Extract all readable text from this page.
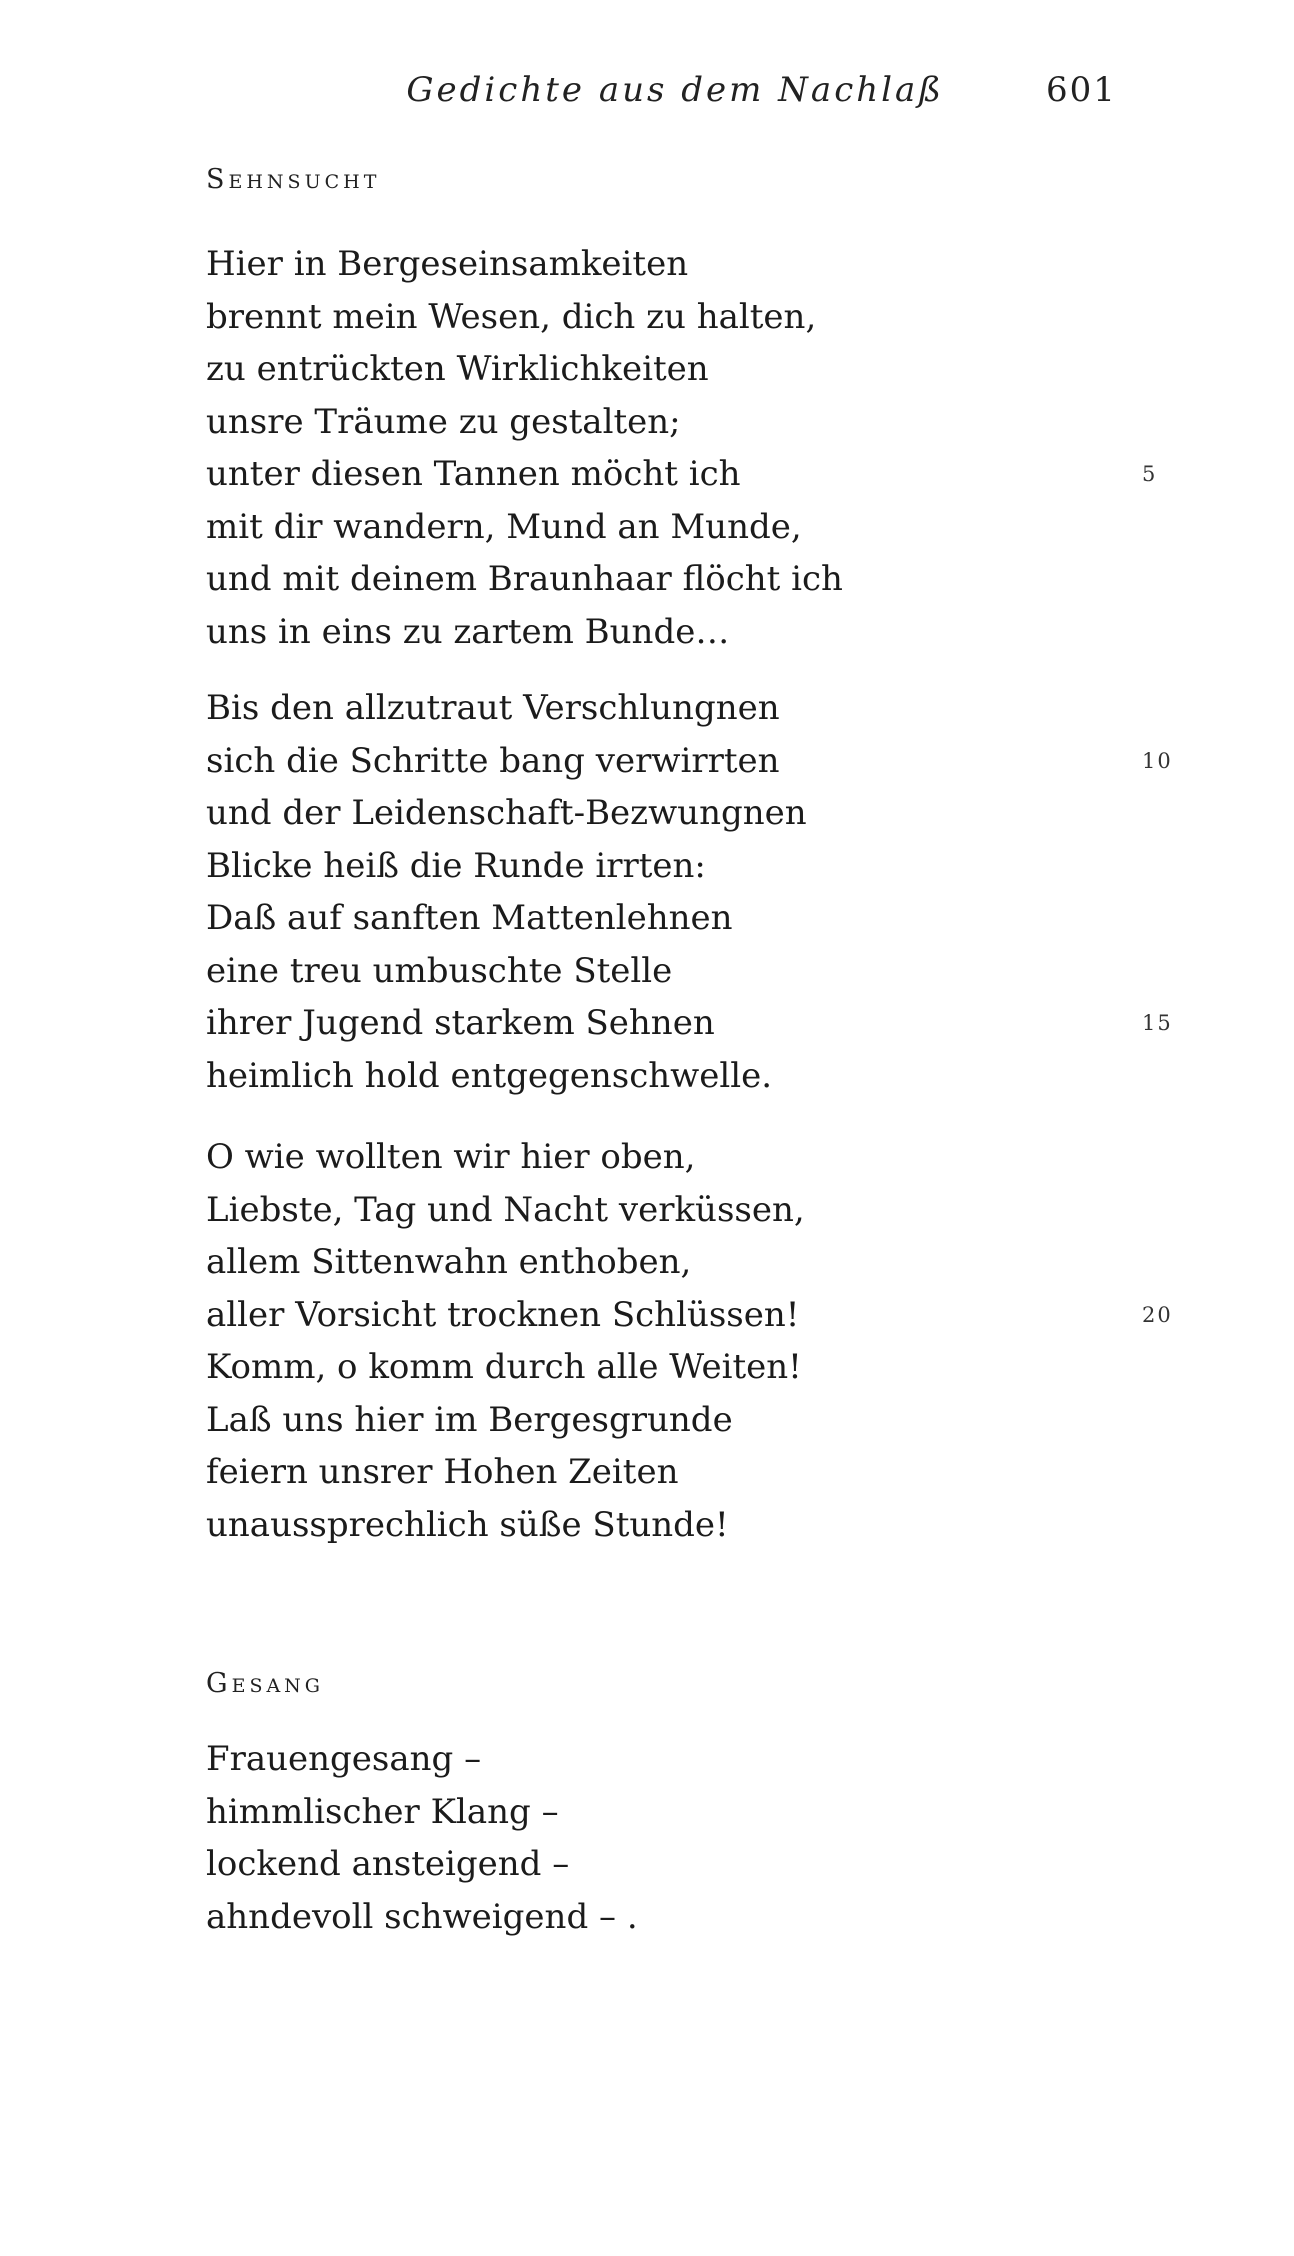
Gedichte aus dem Nachlaß	601
Sehnsucht
Hier in Bergeseinsamkeiten
brennt mein Wesen, dich zu halten,
zu entrückten Wirklichkeiten
unsre Träume zu gestalten;
unter diesen Tannen möcht ich	5
mit dir wandern, Mund an Munde,
und mit deinem Braunhaar flöcht ich
uns in eins zu zartem Bunde…
Bis den allzutraut Verschlungnen
sich die Schritte bang verwirrten	10
und der Leidenschaft-Bezwungnen
Blicke heiß die Runde irrten:
Daß auf sanften Mattenlehnen
eine treu umbuschte Stelle
ihrer Jugend starkem Sehnen	15
heimlich hold entgegenschwelle.
O wie wollten wir hier oben,
Liebste, Tag und Nacht verküssen,
allem Sittenwahn enthoben,
aller Vorsicht trocknen Schlüssen!	20
Komm, o komm durch alle Weiten!
Laß uns hier im Bergesgrunde
feiern unsrer Hohen Zeiten
unaussprechlich süße Stunde!
Gesang
Frauengesang –
himmlischer Klang –
lockend ansteigend –
ahndevoll schweigend – .
